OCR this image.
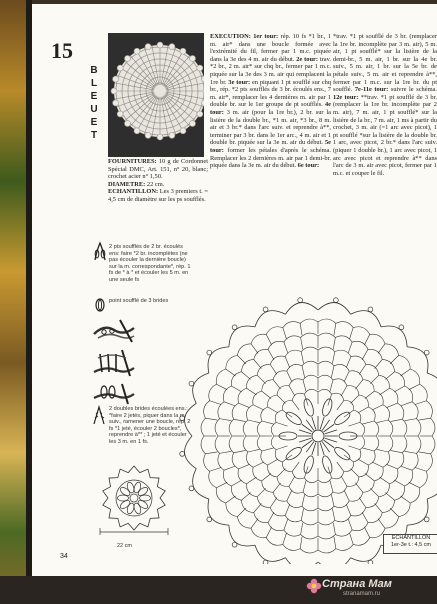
15
B
L
E
U
E
T
FOURNITURES: 10 g de Cordonnet Spécial DMC, Art. 151, n° 20, blanc; crochet acier n° 1,50.
DIAMETRE: 22 cm.
ECHANTILLON: Les 3 premiers t. = 4,5 cm de diamètre sur les ps soufflés.
EXECUTION: 1er tour: rép. 10 fs *1 br., 1 m. air* dans une boucle formée avec l'extrémité du fil, fermer par 1 m.c. piquée dans la 3e des 4 m. air du début. 2e tour: trav. *2 br., 2 m. air* sur chq br., fermer par 1 m.c. piquée sur la 3e des 3 m. air qui remplacent la 1re br. 3e tour: en piquant 1 pt soufflé sur chq br., rép. *2 pts soufflés de 3 br. écoulés ens., 7 m. air*, remplacer les 4 dernières m. air par 1 double br. sur le 1er groupe de pt soufflés. 4e tour: 3 m. air (pour la 1re br.), 2 br. sur la lisière de la double br., *1 m. air, *3 br., 8 m. air et 3 br.* dans l'arc suiv. et reprendre à**, terminer par 3 br. dans le 1er arc., 4 m. air et 1 double br. piquée sur la 3e m. air du début. 5e tour: former les pétales d'après le schéma. Remplacer les 2 dernières m. air par 1 demi-br. piquée dans la 3e m. air du début. 6e tour:
*trav. *1 pt soufflé de 3 br. (remplacer la 1re br. incomplète par 3 m. air), 5 m. air, 1 pt soufflé* sur la lisière de la demi-br., 5 m. air, 1 br. sur la 4e br. suiv., 5 m. air, 1 br. sur la 5e br. de pétale suiv., 5 m. air et reprendre à**, fermer par 1 m.c. sur la 1re br. du pt soufflé. 7e-11e tour: suivre le schéma. 12e tour: **trav. *1 pt soufflé de 3 br. (remplacer la 1re br. incomplète par 2 m. air), 7 m. air, 1 pt soufflé* sur la lisière de la br., 7 m. air, 1 ms à partir du crochet, 3 m. air (=1 arc avec picot), 1 pt soufflé *sur la lisière de la double br. 1 arc, avec picot, 2 br.* dans l'arc suiv. (piquer 1 double br.), 1 arc avec picot, 1 arc avec picot et reprendre à** dans l'arc de 3 m. air avec picot, fermer par 1 m.c. et couper le fil.
2 pts soufflés de 2 br. écoulés ens: faire *2 br. incomplètes (ne pas écouler la dernière boucle) sur la m. correspondante*, rép. 1 fs de * à * et écouler les 5 m. en une seule fs
point soufflé de 3 brides
2 doubles brides écoulées ens.: *faire 2 jetés, piquer dans la m. suiv., ramener une boucle, rép. 2 fs *1 jeté, écouler 2 boucles*, reprendre à** ; 1 jeté et écouler les 3 m. en 1 fs.
22 cm
ECHANTILLON
1er-3e t.: 4,5 cm
34
Страна Мам
stranamam.ru
